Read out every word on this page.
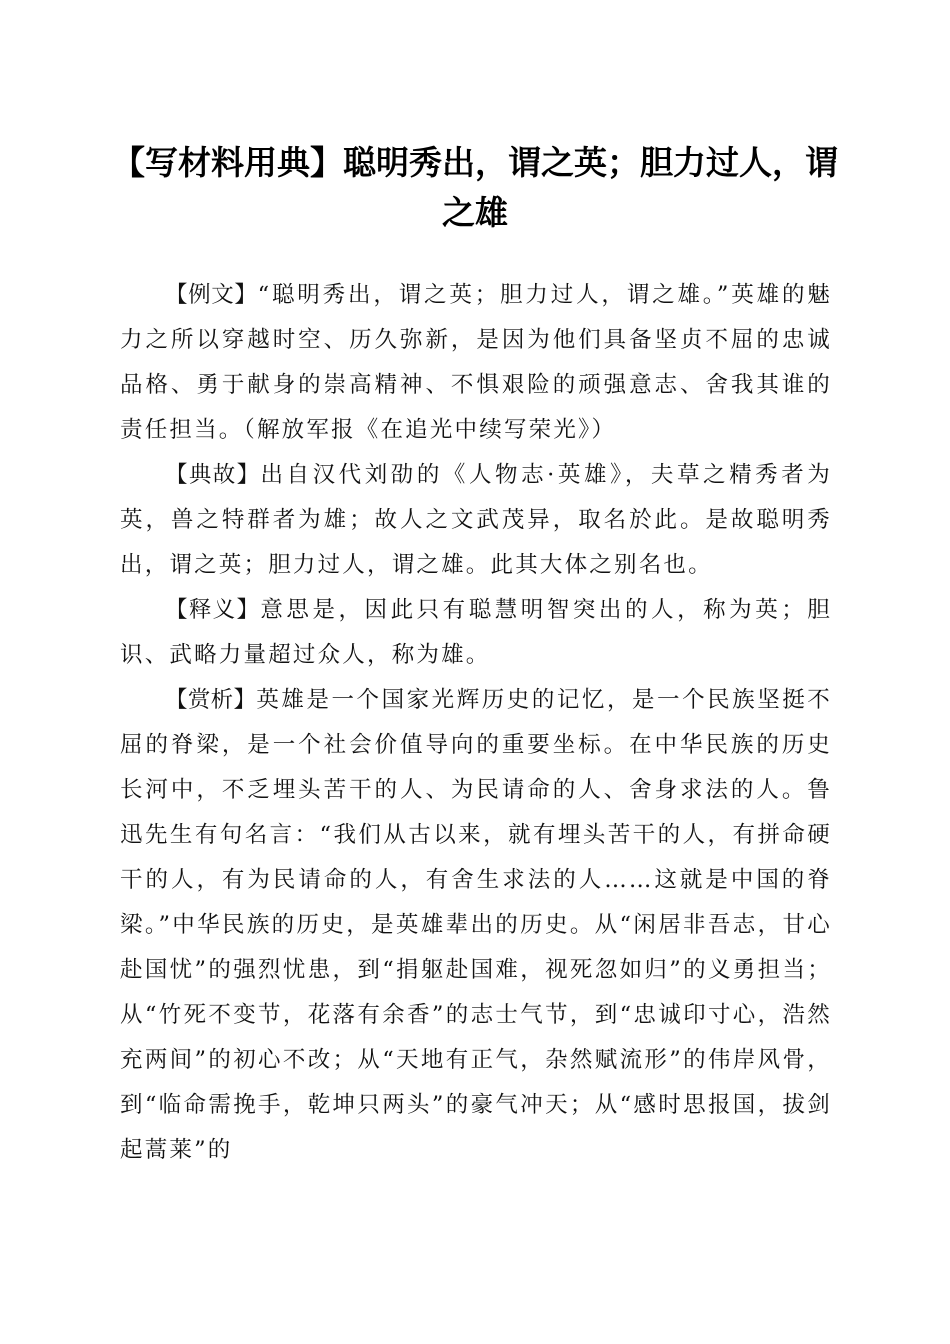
【写材料用典】聪明秀出，谓之英；胆力过人，谓之雄

【例文】“聪明秀出，谓之英；胆力过人，谓之雄。”英雄的魅力之所以穿越时空、历久弥新，是因为他们具备坚贞不屈的忠诚品格、勇于献身的崇高精神、不惧艰险的顽强意志、舍我其谁的责任担当。（解放军报《在追光中续写荣光》）

【典故】出自汉代刘劭的《人物志·英雄》，夫草之精秀者为英，兽之特群者为雄；故人之文武茂异，取名於此。是故聪明秀出，谓之英；胆力过人，谓之雄。此其大体之别名也。

【释义】意思是，因此只有聪慧明智突出的人，称为英；胆识、武略力量超过众人，称为雄。

【赏析】英雄是一个国家光辉历史的记忆，是一个民族坚挺不屈的脊梁，是一个社会价值导向的重要坐标。在中华民族的历史长河中，不乏埋头苦干的人、为民请命的人、舍身求法的人。鲁迅先生有句名言：“我们从古以来，就有埋头苦干的人，有拼命硬干的人，有为民请命的人，有舍生求法的人……这就是中国的脊梁。”中华民族的历史，是英雄辈出的历史。从“闲居非吾志，甘心赴国忧”的强烈忧患，到“捐躯赴国难，视死忽如归”的义勇担当；从“竹死不变节，花落有余香”的志士气节，到“忠诚印寸心，浩然充两间”的初心不改；从“天地有正气，杂然赋流形”的伟岸风骨，到“临命需挽手，乾坤只两头”的豪气冲天；从“感时思报国，拔剑起蒿莱”的
